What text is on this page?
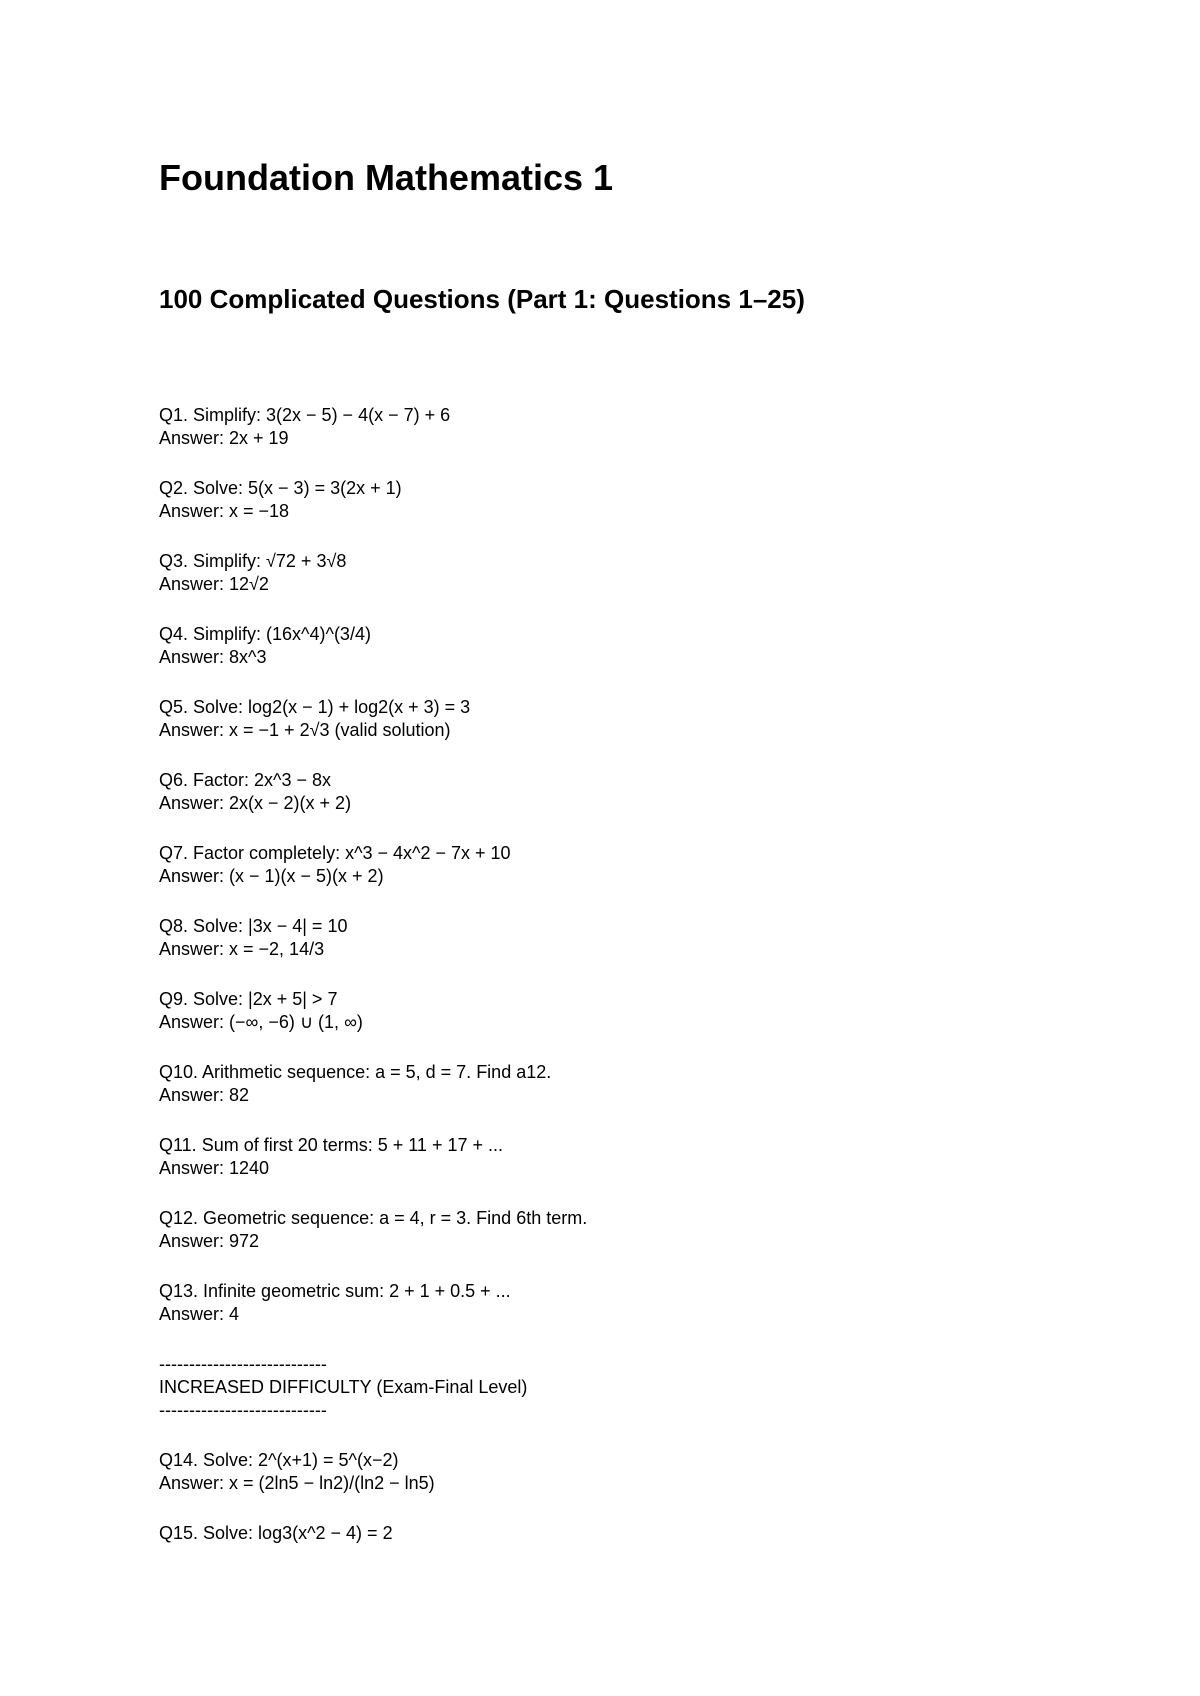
Foundation Mathematics 1
100 Complicated Questions (Part 1: Questions 1–25)
Q1. Simplify: 3(2x − 5) − 4(x − 7) + 6
Answer: 2x + 19
Q2. Solve: 5(x − 3) = 3(2x + 1)
Answer: x = −18
Q3. Simplify: √72 + 3√8
Answer: 12√2
Q4. Simplify: (16x^4)^(3/4)
Answer: 8x^3
Q5. Solve: log2(x − 1) + log2(x + 3) = 3
Answer: x = −1 + 2√3 (valid solution)
Q6. Factor: 2x^3 − 8x
Answer: 2x(x − 2)(x + 2)
Q7. Factor completely: x^3 − 4x^2 − 7x + 10
Answer: (x − 1)(x − 5)(x + 2)
Q8. Solve: |3x − 4| = 10
Answer: x = −2, 14/3
Q9. Solve: |2x + 5| > 7
Answer: (−∞, −6) ∪ (1, ∞)
Q10. Arithmetic sequence: a = 5, d = 7. Find a12.
Answer: 82
Q11. Sum of first 20 terms: 5 + 11 + 17 + ...
Answer: 1240
Q12. Geometric sequence: a = 4, r = 3. Find 6th term.
Answer: 972
Q13. Infinite geometric sum: 2 + 1 + 0.5 + ...
Answer: 4
----------------------------
INCREASED DIFFICULTY (Exam-Final Level)
----------------------------
Q14. Solve: 2^(x+1) = 5^(x−2)
Answer: x = (2ln5 − ln2)/(ln2 − ln5)
Q15. Solve: log3(x^2 − 4) = 2
